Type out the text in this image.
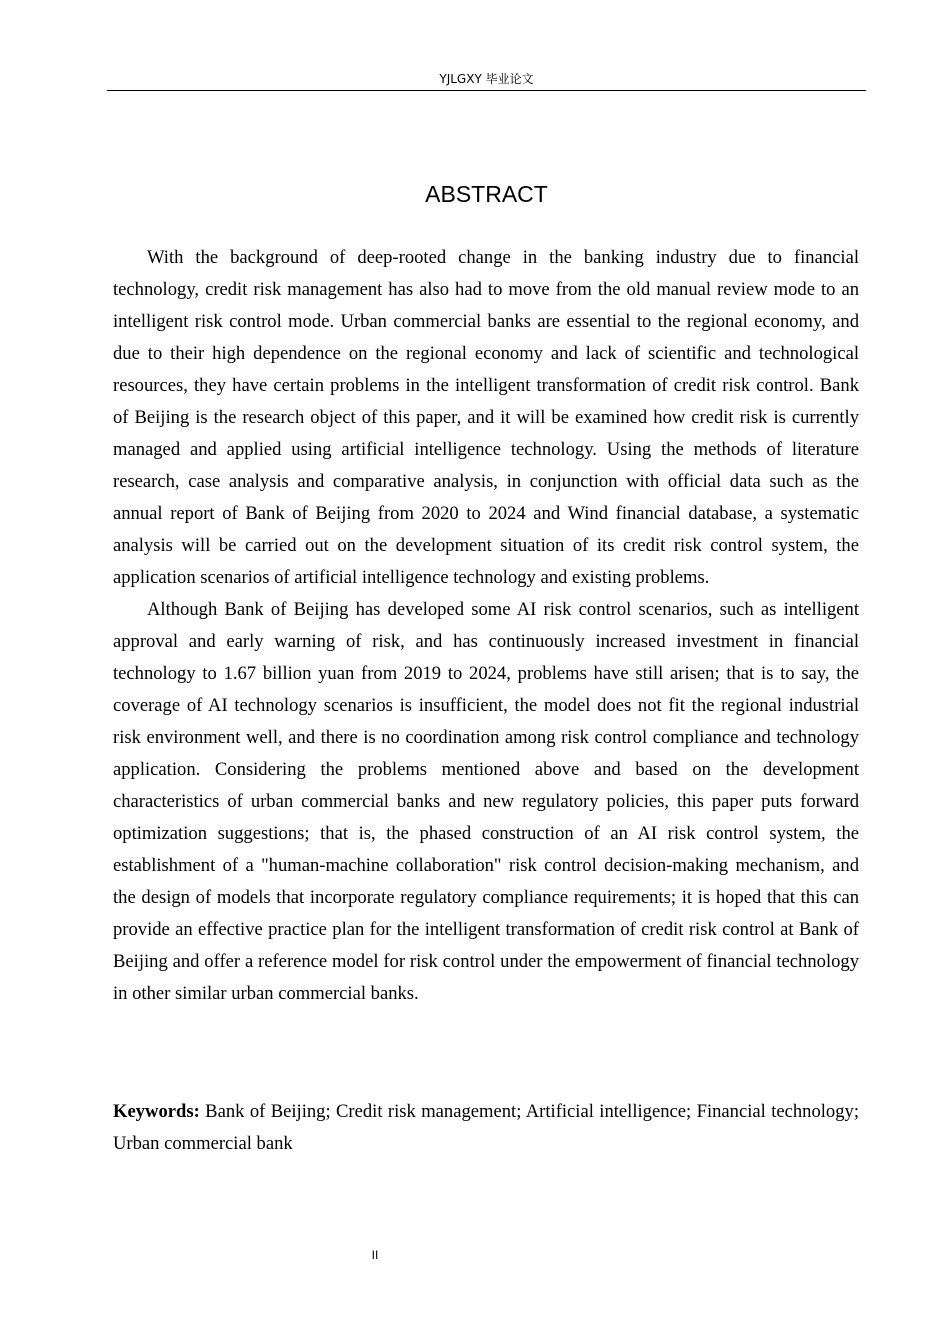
YJLGXY 毕业论文
ABSTRACT

With the background of deep-rooted change in the banking industry due to financial technology, credit risk management has also had to move from the old manual review mode to an intelligent risk control mode. Urban commercial banks are essential to the regional economy, and due to their high dependence on the regional economy and lack of scientific and technological resources, they have certain problems in the intelligent transformation of credit risk control. Bank of Beijing is the research object of this paper, and it will be examined how credit risk is currently managed and applied using artificial intelligence technology. Using the methods of literature research, case analysis and comparative analysis, in conjunction with official data such as the annual report of Bank of Beijing from 2020 to 2024 and Wind financial database, a systematic analysis will be carried out on the development situation of its credit risk control system, the application scenarios of artificial intelligence technology and existing problems.

Although Bank of Beijing has developed some AI risk control scenarios, such as intelligent approval and early warning of risk, and has continuously increased investment in financial technology to 1.67 billion yuan from 2019 to 2024, problems have still arisen; that is to say, the coverage of AI technology scenarios is insufficient, the model does not fit the regional industrial risk environment well, and there is no coordination among risk control compliance and technology application. Considering the problems mentioned above and based on the development characteristics of urban commercial banks and new regulatory policies, this paper puts forward optimization suggestions; that is, the phased construction of an AI risk control system, the establishment of a "human-machine collaboration" risk control decision-making mechanism, and the design of models that incorporate regulatory compliance requirements; it is hoped that this can provide an effective practice plan for the intelligent transformation of credit risk control at Bank of Beijing and offer a reference model for risk control under the empowerment of financial technology in other similar urban commercial banks.

Keywords: Bank of Beijing; Credit risk management; Artificial intelligence; Financial technology; Urban commercial bank

II
